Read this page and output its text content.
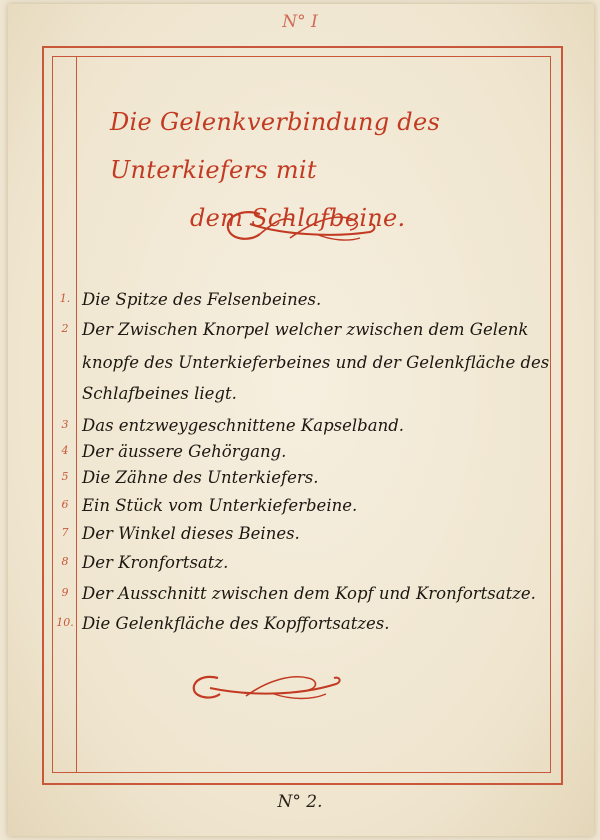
N° I
Die Gelenkverbindung des Unterkiefers mit
dem Schlafbeine.
1. Die Spitze des Felsenbeines.
2 Der Zwischen Knorpel welcher zwischen dem Gelenk
knopfe des Unterkieferbeines und der Gelenkfläche des
Schlafbeines liegt.
3 Das entzweygeschnittene Kapselband.
4 Der äussere Gehörgang.
5 Die Zähne des Unterkiefers.
6 Ein Stück vom Unterkieferbeine.
7 Der Winkel dieses Beines.
8 Der Kronfortsatz.
9 Der Ausschnitt zwischen dem Kopf und Kronfortsatze.
10. Die Gelenkfläche des Kopffortsatzes.
N° 2.
